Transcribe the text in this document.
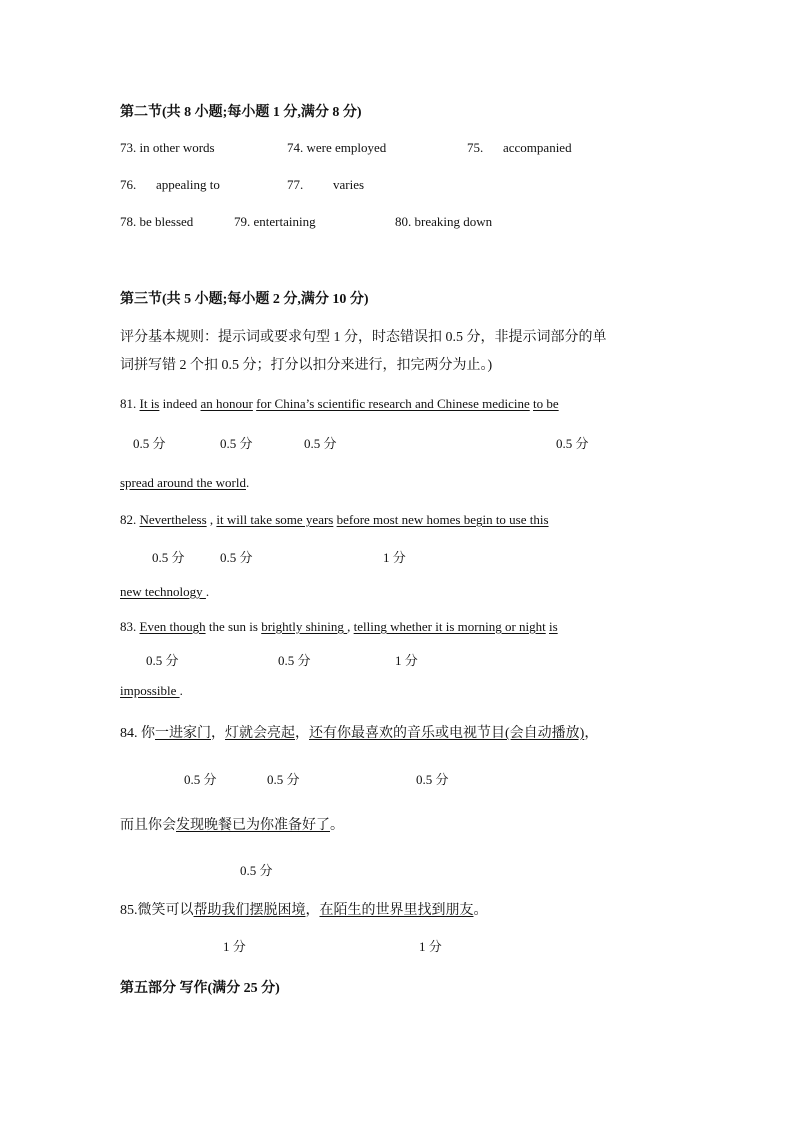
第二节(共 8 小题;每小题 1 分,满分 8 分)
73. in other words	74. were employed	75. accompanied
76. appealing to	77. varies
78. be blessed	79. entertaining	80. breaking down
第三节(共 5 小题;每小题 2 分,满分 10 分)
评分基本规则：提示词或要求句型 1 分，时态错误扣 0.5 分，非提示词部分的单
词拼写错 2 个扣 0.5 分；打分以扣分来进行，扣完两分为止。)
81. It is indeed an honour for China’s scientific research and Chinese medicine to be
0.5 分	0.5 分	0.5 分	0.5 分
spread around the world.
82. Nevertheless , it will take some years before most new homes begin to use this
0.5 分	0.5 分	1 分
new technology .
83. Even though the sun is brightly shining , telling whether it is morning or night is
0.5 分	0.5 分	1 分
impossible .
84. 你一进家门，灯就会亮起，还有你最喜欢的音乐或电视节目(会自动播放)，
0.5 分	0.5 分	0.5 分
而且你会发现晚餐已为你准备好了。
0.5 分
85.微笑可以帮助我们摆脱困境，在陌生的世界里找到朋友。
1 分	1 分
第五部分 写作(满分 25 分)
